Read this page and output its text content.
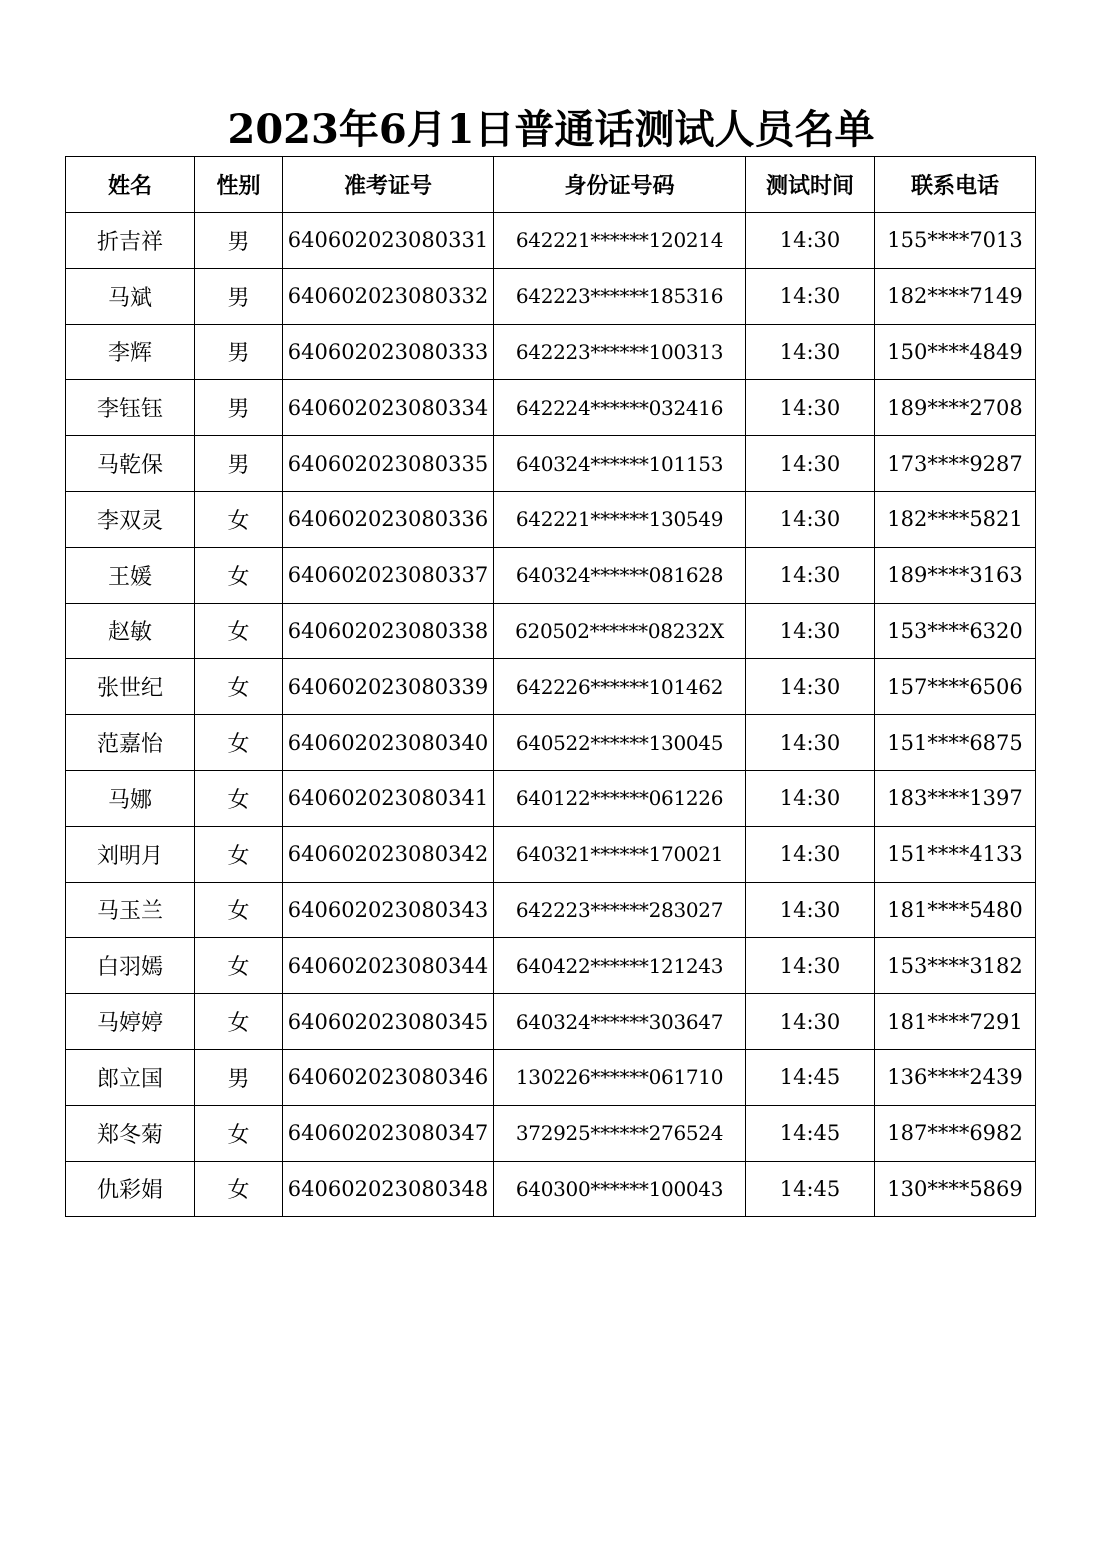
2023年6月1日普通话测试人员名单
姓名	性别	准考证号	身份证号码	测试时间	联系电话
折吉祥	男	640602023080331	642221******120214	14:30	155****7013
马斌	男	640602023080332	642223******185316	14:30	182****7149
李辉	男	640602023080333	642223******100313	14:30	150****4849
李钰钰	男	640602023080334	642224******032416	14:30	189****2708
马乾保	男	640602023080335	640324******101153	14:30	173****9287
李双灵	女	640602023080336	642221******130549	14:30	182****5821
王媛	女	640602023080337	640324******081628	14:30	189****3163
赵敏	女	640602023080338	620502******08232X	14:30	153****6320
张世纪	女	640602023080339	642226******101462	14:30	157****6506
范嘉怡	女	640602023080340	640522******130045	14:30	151****6875
马娜	女	640602023080341	640122******061226	14:30	183****1397
刘明月	女	640602023080342	640321******170021	14:30	151****4133
马玉兰	女	640602023080343	642223******283027	14:30	181****5480
白羽嫣	女	640602023080344	640422******121243	14:30	153****3182
马婷婷	女	640602023080345	640324******303647	14:30	181****7291
郎立国	男	640602023080346	130226******061710	14:45	136****2439
郑冬菊	女	640602023080347	372925******276524	14:45	187****6982
仇彩娟	女	640602023080348	640300******100043	14:45	130****5869
